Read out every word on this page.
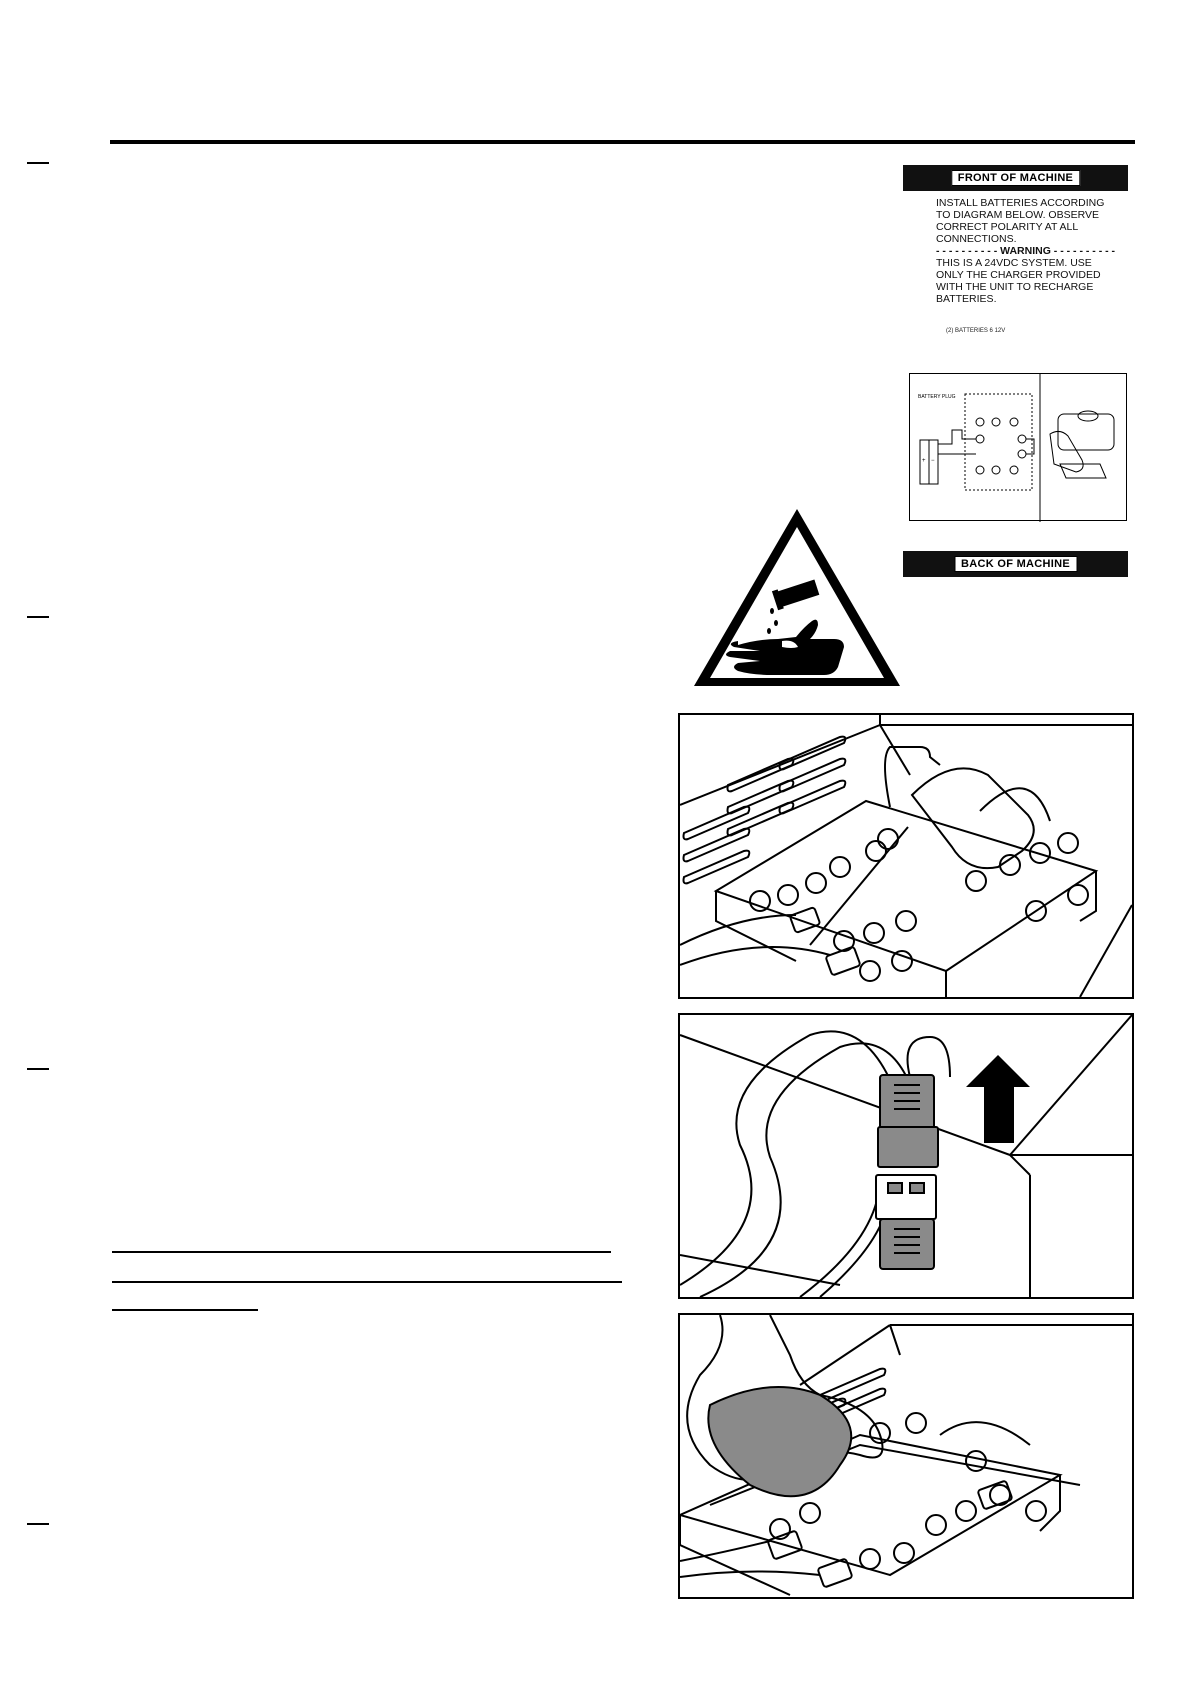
FRONT OF MACHINE

INSTALL BATTERIES ACCORDING

TO DIAGRAM BELOW. OBSERVE

CORRECT POLARITY AT ALL

CONNECTIONS.

- - - - - - - - - - WARNING - - - - - - - - - -

THIS IS A 24VDC SYSTEM. USE

ONLY THE CHARGER PROVIDED

WITH THE UNIT TO RECHARGE

BATTERIES.

(2) BATTERIES 6 12V
BATTERY PLUG
+ −
BACK OF MACHINE
